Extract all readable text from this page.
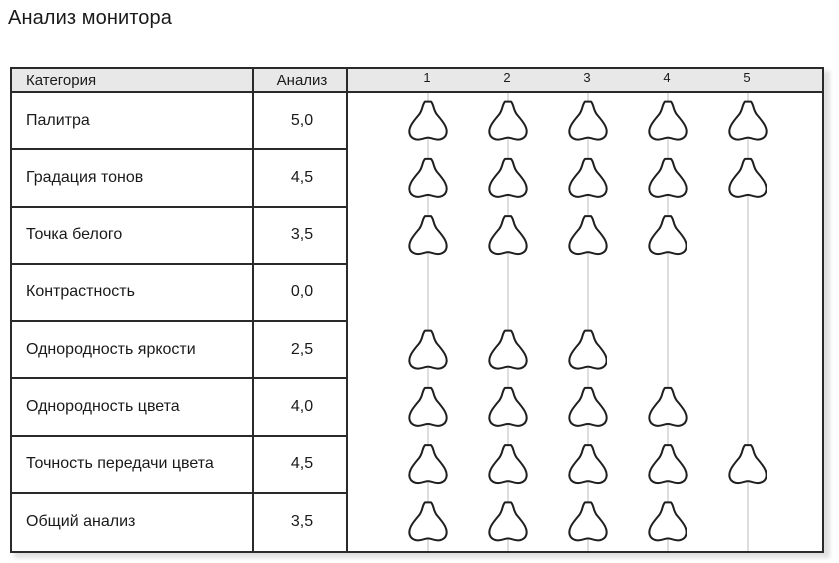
Анализ монитора
Категория	Анализ	1	2	3	4	5
Палитра	5,0
Градация тонов	4,5
Точка белого	3,5
Контрастность	0,0
Однородность яркости	2,5
Однородность цвета	4,0
Точность передачи цвета	4,5
Общий анализ	3,5
